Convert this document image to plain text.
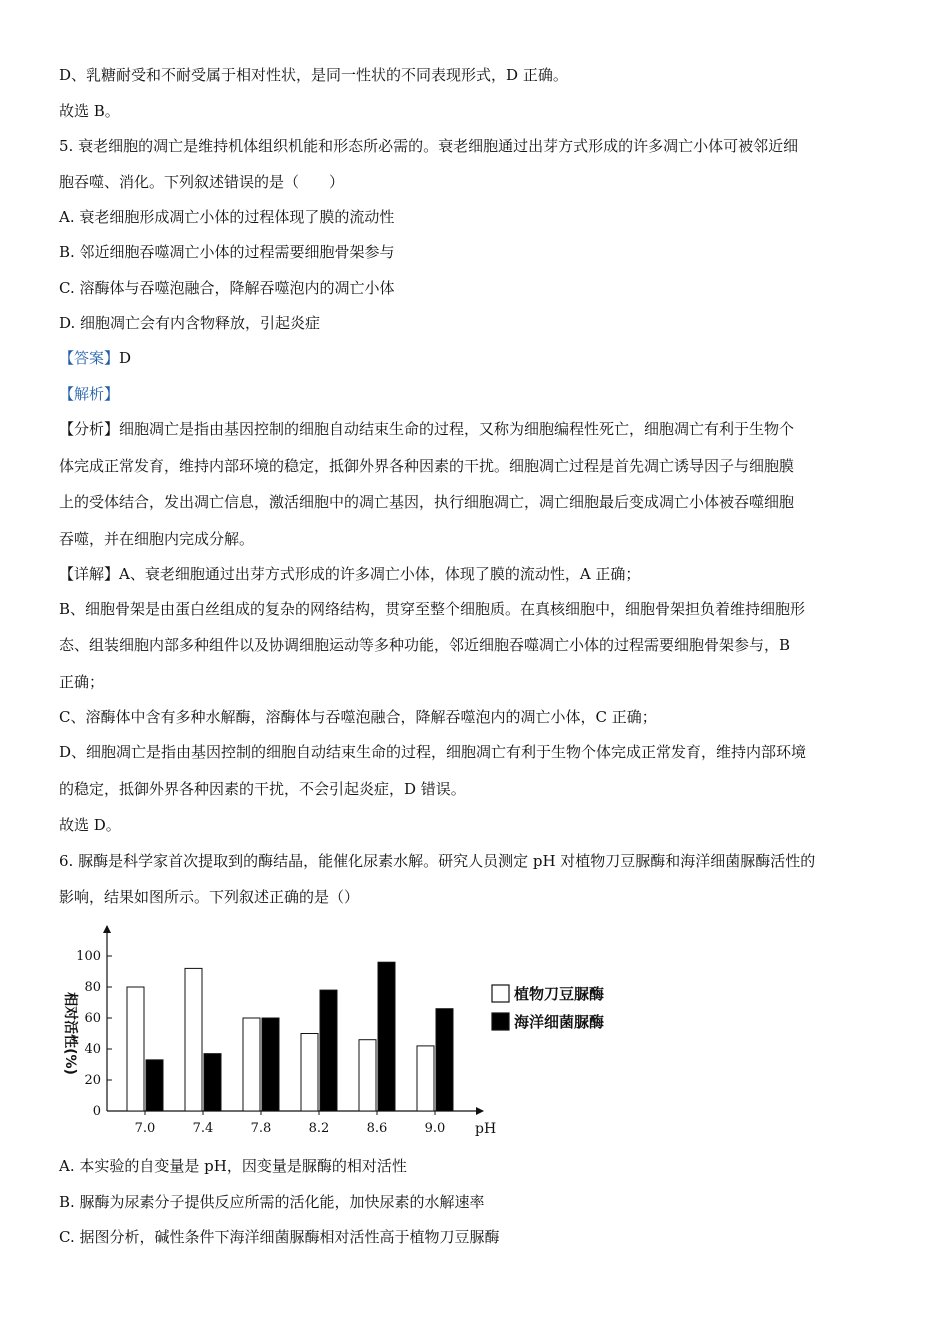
D、乳糖耐受和不耐受属于相对性状，是同一性状的不同表现形式，D 正确。
故选 B。
5. 衰老细胞的凋亡是维持机体组织机能和形态所必需的。衰老细胞通过出芽方式形成的许多凋亡小体可被邻近细
胞吞噬、消化。下列叙述错误的是（　　）
A. 衰老细胞形成凋亡小体的过程体现了膜的流动性
B. 邻近细胞吞噬凋亡小体的过程需要细胞骨架参与
C. 溶酶体与吞噬泡融合，降解吞噬泡内的凋亡小体
D. 细胞凋亡会有内含物释放，引起炎症
【答案】D
【解析】
【分析】细胞凋亡是指由基因控制的细胞自动结束生命的过程，又称为细胞编程性死亡，细胞凋亡有利于生物个
体完成正常发育，维持内部环境的稳定，抵御外界各种因素的干扰。细胞凋亡过程是首先凋亡诱导因子与细胞膜
上的受体结合，发出凋亡信息，激活细胞中的凋亡基因，执行细胞凋亡，凋亡细胞最后变成凋亡小体被吞噬细胞
吞噬，并在细胞内完成分解。
【详解】A、衰老细胞通过出芽方式形成的许多凋亡小体，体现了膜的流动性，A 正确；
B、细胞骨架是由蛋白丝组成的复杂的网络结构，贯穿至整个细胞质。在真核细胞中，细胞骨架担负着维持细胞形
态、组装细胞内部多种组件以及协调细胞运动等多种功能，邻近细胞吞噬凋亡小体的过程需要细胞骨架参与，B
正确；
C、溶酶体中含有多种水解酶，溶酶体与吞噬泡融合，降解吞噬泡内的凋亡小体，C 正确；
D、细胞凋亡是指由基因控制的细胞自动结束生命的过程，细胞凋亡有利于生物个体完成正常发育，维持内部环境
的稳定，抵御外界各种因素的干扰，不会引起炎症，D 错误。
故选 D。
6. 脲酶是科学家首次提取到的酶结晶，能催化尿素水解。研究人员测定 pH 对植物刀豆脲酶和海洋细菌脲酶活性的
影响，结果如图所示。下列叙述正确的是（）
0
20
40
60
80
100
相对活性(%)
7.0	7.4	7.8	8.2	8.6	9.0 pH
植物刀豆脲酶
海洋细菌脲酶
A. 本实验的自变量是 pH，因变量是脲酶的相对活性
B. 脲酶为尿素分子提供反应所需的活化能，加快尿素的水解速率
C. 据图分析，碱性条件下海洋细菌脲酶相对活性高于植物刀豆脲酶
